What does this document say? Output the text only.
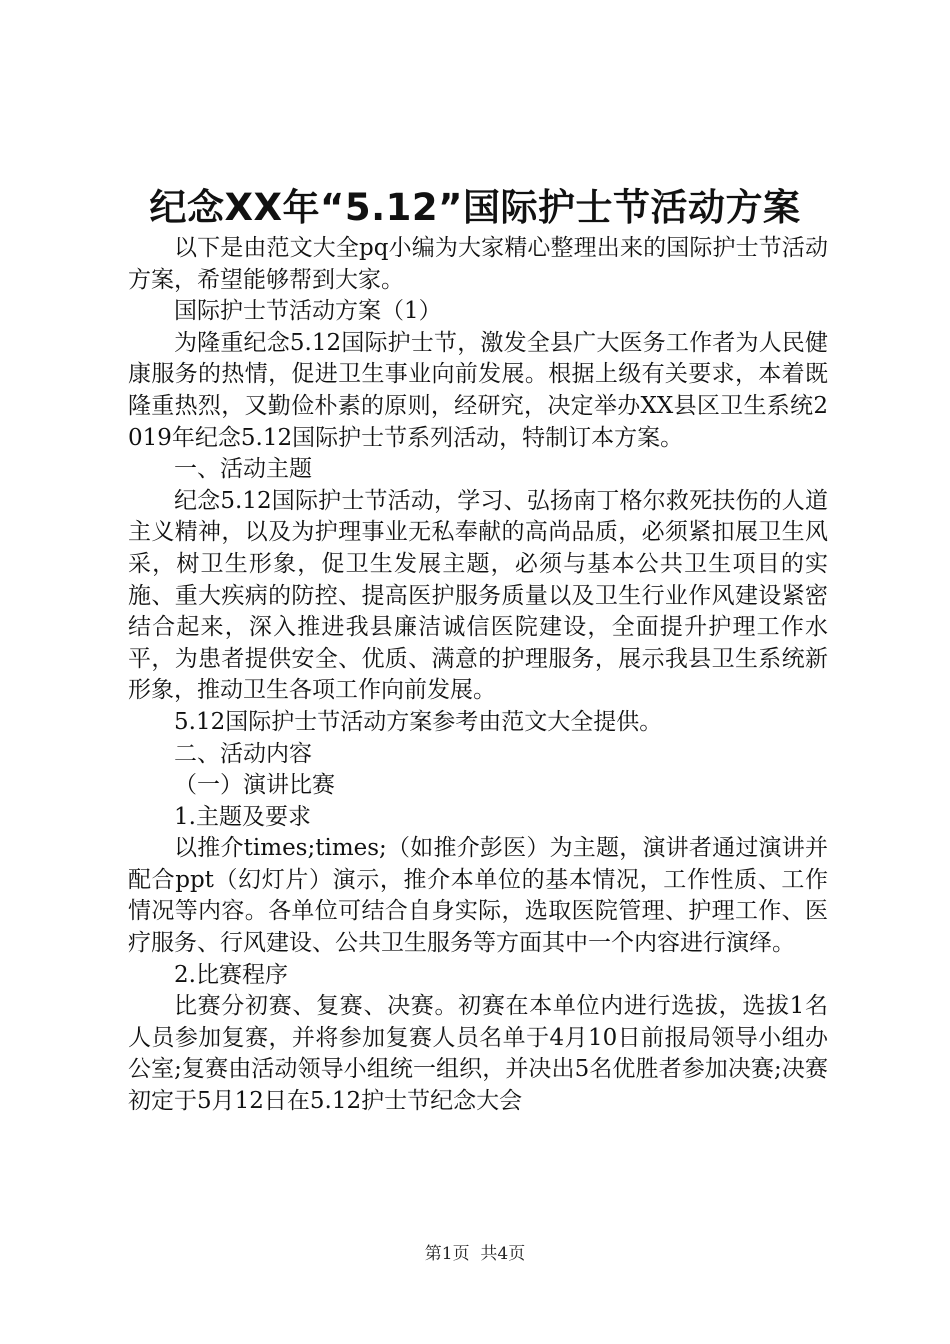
纪念XX年“5.12”国际护士节活动方案

以下是由范文大全pq小编为大家精心整理出来的国际护士节活动方案，希望能够帮到大家。

国际护士节活动方案（1）

为隆重纪念5.12国际护士节，激发全县广大医务工作者为人民健康服务的热情，促进卫生事业向前发展。根据上级有关要求，本着既隆重热烈，又勤俭朴素的原则，经研究，决定举办XX县区卫生系统2019年纪念5.12国际护士节系列活动，特制订本方案。

一、活动主题

纪念5.12国际护士节活动，学习、弘扬南丁格尔救死扶伤的人道主义精神，以及为护理事业无私奉献的高尚品质，必须紧扣展卫生风采，树卫生形象，促卫生发展主题，必须与基本公共卫生项目的实施、重大疾病的防控、提高医护服务质量以及卫生行业作风建设紧密结合起来，深入推进我县廉洁诚信医院建设，全面提升护理工作水平，为患者提供安全、优质、满意的护理服务，展示我县卫生系统新形象，推动卫生各项工作向前发展。

5.12国际护士节活动方案参考由范文大全提供。

二、活动内容

（一）演讲比赛

1.主题及要求

以推介times;times;（如推介彭医）为主题，演讲者通过演讲并配合ppt（幻灯片）演示，推介本单位的基本情况，工作性质、工作情况等内容。各单位可结合自身实际，选取医院管理、护理工作、医疗服务、行风建设、公共卫生服务等方面其中一个内容进行演绎。

2.比赛程序

比赛分初赛、复赛、决赛。初赛在本单位内进行选拔，选拔1名人员参加复赛，并将参加复赛人员名单于4月10日前报局领导小组办公室;复赛由活动领导小组统一组织，并决出5名优胜者参加决赛;决赛初定于5月12日在5.12护士节纪念大会

第1页 共4页
